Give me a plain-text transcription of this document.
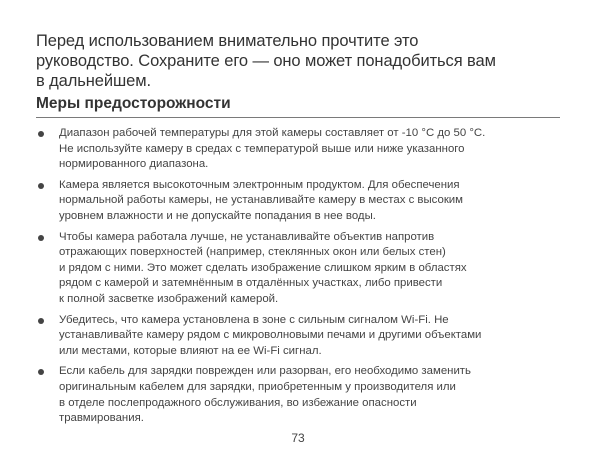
Перед использованием внимательно прочтите это
руководство. Сохраните его — оно может понадобиться вам
в дальнейшем.

Меры предосторожности
Диапазон рабочей температуры для этой камеры составляет от -10 °C до 50 °C.
Не используйте камеру в средах с температурой выше или ниже указанного
нормированного диапазона.
Камера является высокоточным электронным продуктом. Для обеспечения
нормальной работы камеры, не устанавливайте камеру в местах с высоким
уровнем влажности и не допускайте попадания в нее воды.
Чтобы камера работала лучше, не устанавливайте объектив напротив
отражающих поверхностей (например, стеклянных окон или белых стен)
и рядом с ними. Это может сделать изображение слишком ярким в областях
рядом с камерой и затемнённым в отдалённых участках, либо привести
к полной засветке изображений камерой.
Убедитесь, что камера установлена в зоне с сильным сигналом Wi-Fi. Не
устанавливайте камеру рядом с микроволновыми печами и другими объектами
или местами, которые влияют на ее Wi-Fi сигнал.
Если кабель для зарядки поврежден или разорван, его необходимо заменить
оригинальным кабелем для зарядки, приобретенным у производителя или
в отделе послепродажного обслуживания, во избежание опасности
травмирования.
73
